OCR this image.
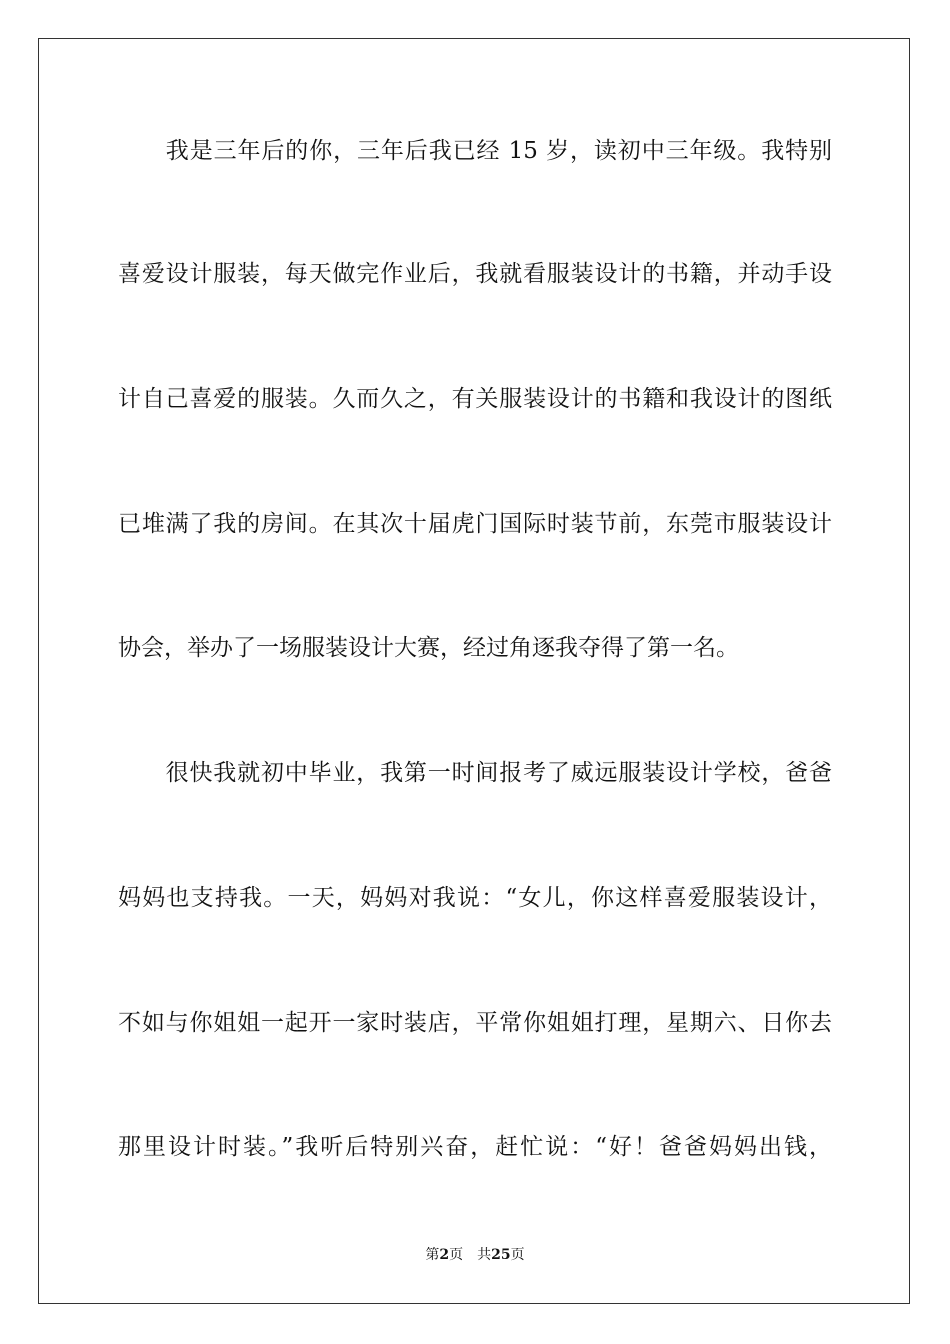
　　我是三年后的你，三年后我已经 15 岁，读初中三年级。我特别
喜爱设计服装，每天做完作业后，我就看服装设计的书籍，并动手设
计自己喜爱的服装。久而久之，有关服装设计的书籍和我设计的图纸
已堆满了我的房间。在其次十届虎门国际时装节前，东莞市服装设计
协会，举办了一场服装设计大赛，经过角逐我夺得了第一名。
　　很快我就初中毕业，我第一时间报考了威远服装设计学校，爸爸
妈妈也支持我。一天，妈妈对我说：“女儿，你这样喜爱服装设计，
不如与你姐姐一起开一家时装店，平常你姐姐打理，星期六、日你去
那里设计时装。”我听后特别兴奋，赶忙说：“好！爸爸妈妈出钱，
第2页 共25页
